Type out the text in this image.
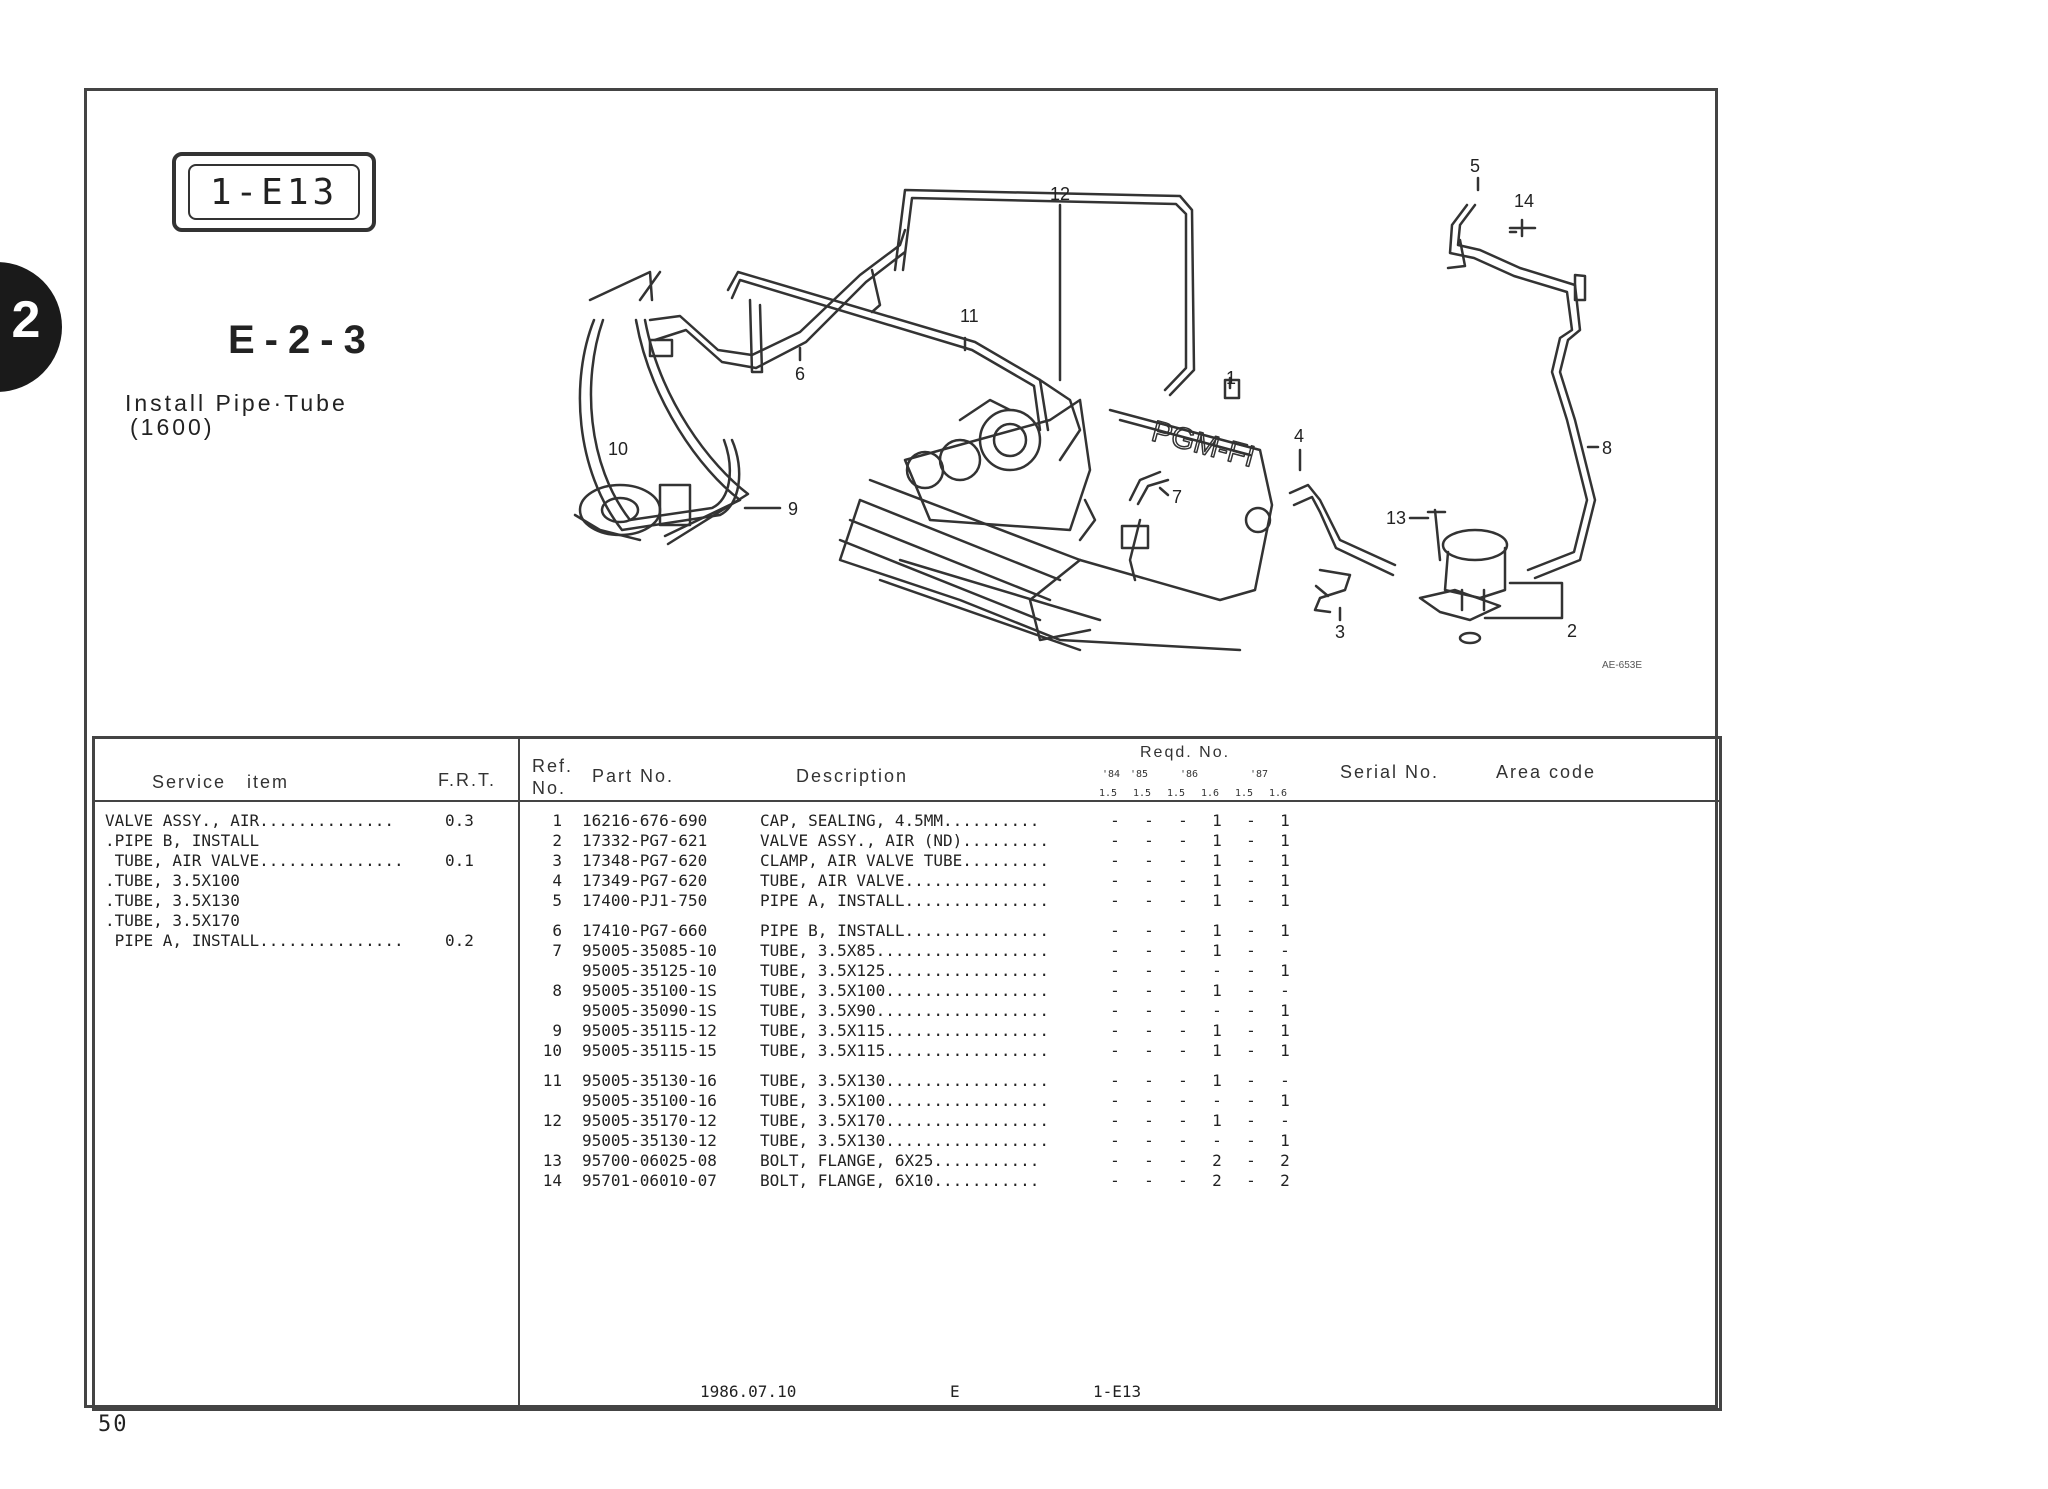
2
1-E13
E-2-3
Install Pipe·Tube
(1600)	PGM-FI
1
2
3
4
5
6
7
8
9
10
11
12
13
14
AE-653E
Service   item	F.R.T.
Ref.
No.
Part No.	Description
Reqd. No.
'84 '85	'86	'87
1.5 1.5 1.5 1.6 1.5 1.6
Serial No.	Area code
VALVE ASSY., AIR..............	0.3
.PIPE B, INSTALL
TUBE, AIR VALVE...............	0.1
.TUBE, 3.5X100
.TUBE, 3.5X130
.TUBE, 3.5X170
PIPE A, INSTALL...............	0.2
1 16216-676-690	CAP, SEALING, 4.5MM..........	- - - 1 - 1
2 17332-PG7-621	VALVE ASSY., AIR (ND).........	- - - 1 - 1
3 17348-PG7-620	CLAMP, AIR VALVE TUBE.........	- - - 1 - 1
4 17349-PG7-620	TUBE, AIR VALVE...............	- - - 1 - 1
5 17400-PJ1-750	PIPE A, INSTALL...............	- - - 1 - 1
6 17410-PG7-660	PIPE B, INSTALL...............	- - - 1 - 1
7 95005-35085-10	TUBE, 3.5X85..................	- - - 1 - -
95005-35125-10	TUBE, 3.5X125.................	- - - - - 1
8 95005-35100-1S	TUBE, 3.5X100.................	- - - 1 - -
95005-35090-1S	TUBE, 3.5X90..................	- - - - - 1
9 95005-35115-12	TUBE, 3.5X115.................	- - - 1 - 1
10 95005-35115-15	TUBE, 3.5X115.................	- - - 1 - 1
11 95005-35130-16	TUBE, 3.5X130.................	- - - 1 - -
95005-35100-16	TUBE, 3.5X100.................	- - - - - 1
12 95005-35170-12	TUBE, 3.5X170.................	- - - 1 - -
95005-35130-12	TUBE, 3.5X130.................	- - - - - 1
13 95700-06025-08	BOLT, FLANGE, 6X25...........	- - - 2 - 2
14 95701-06010-07	BOLT, FLANGE, 6X10...........	- - - 2 - 2
1986.07.10	E	1-E13
50
